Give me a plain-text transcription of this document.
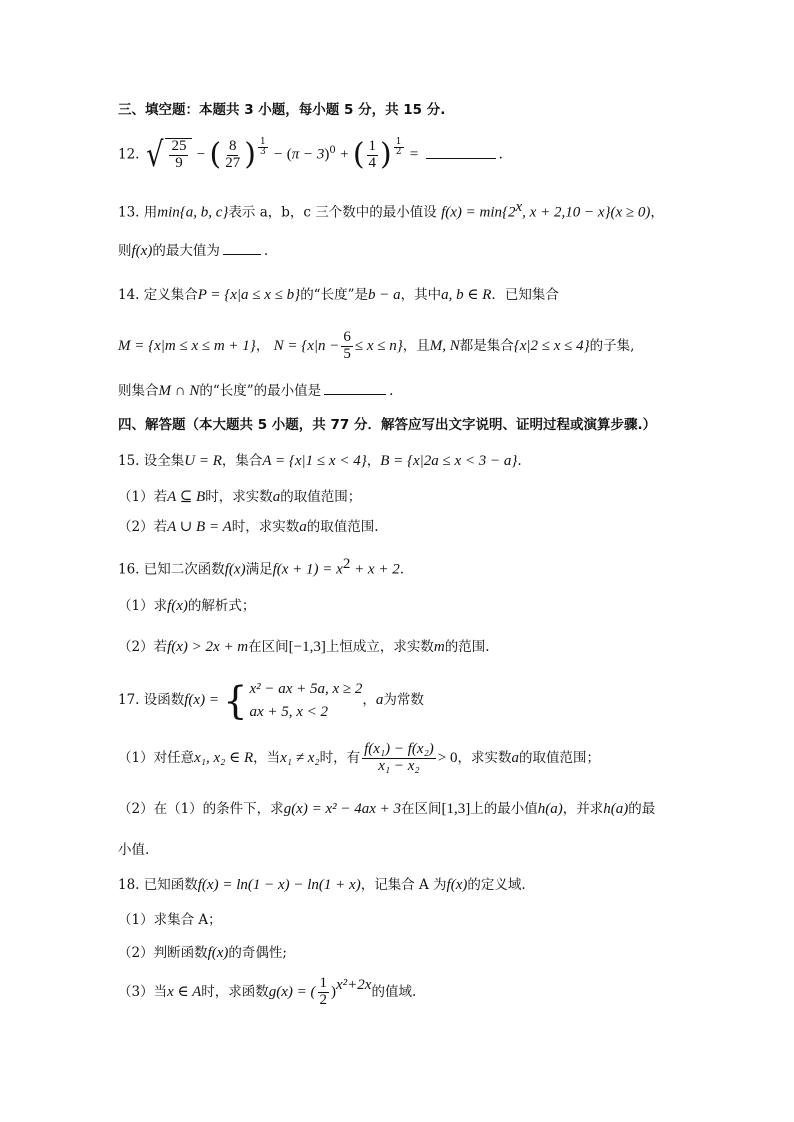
三、填空题：本题共 3 小题，每小题 5 分，共 15 分.
12. √ $\frac{25}{9}$ − ( $\frac{8}{27}$ ) $^{\frac{1}{3}} - (\pi - 3)^0$ + ( $\frac{1}{4}$ ) $^{\frac{1}{2}}$ =	.
13. 用min{a, b, c}表示 a，b，c 三个数中的最小值设 $f(x) = \min\{2^x$, x + 2,10 − x}(x ≥ 0)，
则f(x)的最大值为	.
14. 定义集合P = {x|a ≤ x ≤ b}的“长度”是b − a，其中a, b ∈ R．已知集合
M = {x|m ≤ x ≤ m + 1}， $N = \{x|n - \frac{6}{5} \le x \le n\}$，且M, N都是集合{x|2 ≤ x ≤ 4}的子集,
则集合M ∩ N的“长度”的最小值是	.
四、解答题（本大题共 5 小题，共 77 分．解答应写出文字说明、证明过程或演算步骤.）
15. 设全集U = R，集合A = {x|1 ≤ x < 4}，B = {x|2a ≤ x < 3 − a}.
（1）若A ⊆ B时，求实数a的取值范围；
（2）若A ∪ B = A时，求实数a的取值范围.
16. 已知二次函数f(x)满足$f(x + 1) = x^2 + x + 2$.
（1）求f(x)的解析式；
（2）若f(x) > 2x + m在区间[−1,3]上恒成立，求实数m的范围.
17. 设函数f(x) = { x² − ax + 5a, x ≥ 2
ax + 5, x < 2
，a为常数
（1）对任意x₁, x₂ ∈ R，当x₁ ≠ x₂时，有 $\frac{\text{f(x₁) − f(x₂)}}{\text{x₁ − x₂}} > 0$，求实数a的取值范围；
（2）在（1）的条件下，求g(x) = x² − 4ax + 3在区间[1,3]上的最小值h(a)，并求h(a)的最
小值.
18. 已知函数f(x) = ln(1 − x) − ln(1 + x)，记集合 A 为f(x)的定义域.
（1）求集合 A；
（2）判断函数f(x)的奇偶性;
（3）当x ∈ A时，求函数g(x) = ( $\frac{1}{2} )^{x^2+2x}$的值域.
